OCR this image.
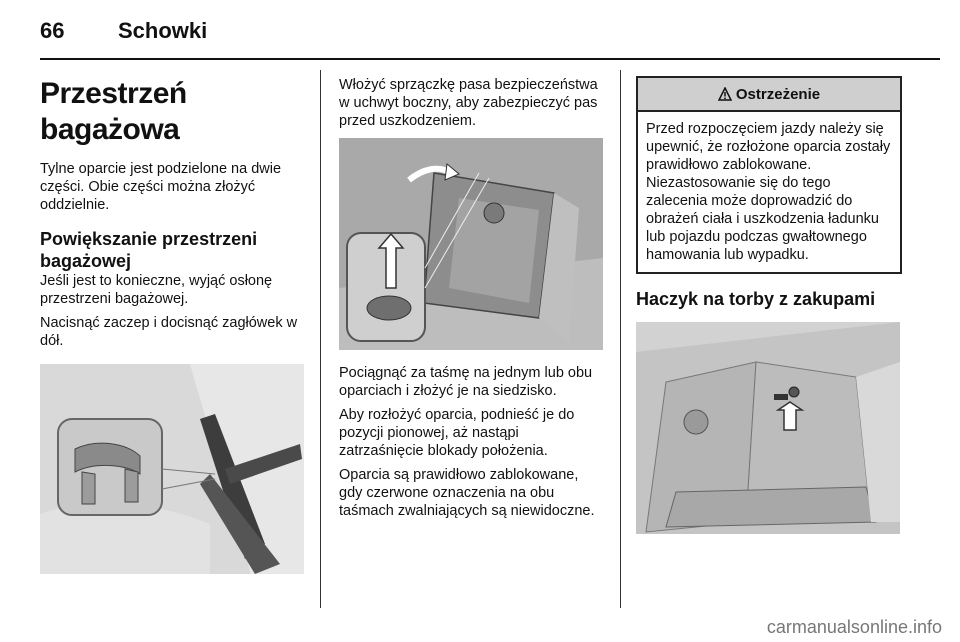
66 Schowki
Przestrzeń bagażowa

Tylne oparcie jest podzielone na dwie części. Obie części można złożyć oddzielnie.

Powiększanie przestrzeni bagażowej

Jeśli jest to konieczne, wyjąć osłonę przestrzeni bagażowej.

Nacisnąć zaczep i docisnąć zagłówek w dół.

Włożyć sprzączkę pasa bezpieczeństwa w uchwyt boczny, aby zabezpieczyć pas przed uszkodzeniem.

Pociągnąć za taśmę na jednym lub obu oparciach i złożyć je na siedzisko.

Aby rozłożyć oparcia, podnieść je do pozycji pionowej, aż nastąpi zatrzaśnięcie blokady położenia.

Oparcia są prawidłowo zablokowane, gdy czerwone oznaczenia na obu taśmach zwalniających są niewidoczne.

Ostrzeżenie

Przed rozpoczęciem jazdy należy się upewnić, że rozłożone oparcia zostały prawidłowo zablokowane. Niezastosowanie się do tego zalecenia może doprowadzić do obrażeń ciała i uszkodzenia ładunku lub pojazdu podczas gwałtownego hamowania lub wypadku.

Haczyk na torby z zakupami
carmanualsonline.info
